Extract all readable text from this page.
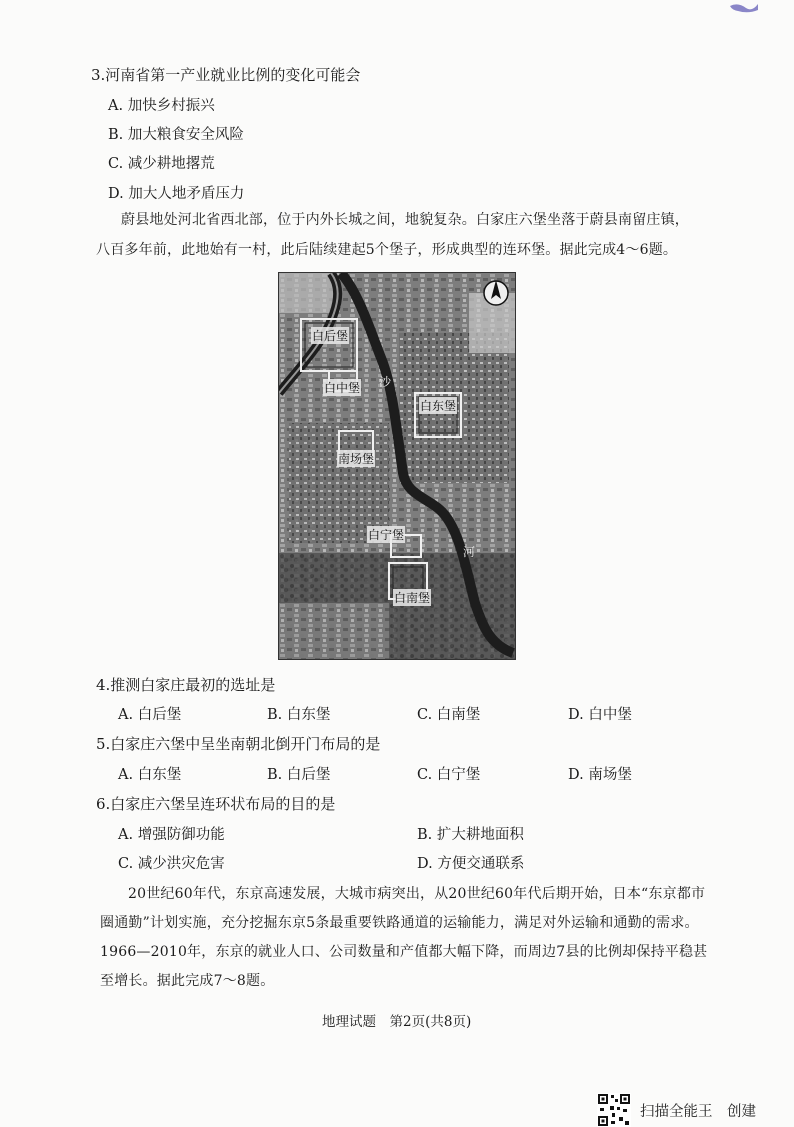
3.河南省第一产业就业比例的变化可能会
A. 加快乡村振兴
B. 加大粮食安全风险
C. 减少耕地撂荒
D. 加大人地矛盾压力
蔚县地处河北省西北部，位于内外长城之间，地貌复杂。白家庄六堡坐落于蔚县南留庄镇，
八百多年前，此地始有一村，此后陆续建起5个堡子，形成典型的连环堡。据此完成4～6题。
白后堡
白中堡
白东堡
南场堡
白宁堡
白南堡
沙
河
4.推测白家庄最初的选址是
A. 白后堡	B. 白东堡	C. 白南堡	D. 白中堡
5.白家庄六堡中呈坐南朝北倒开门布局的是
A. 白东堡	B. 白后堡	C. 白宁堡	D. 南场堡
6.白家庄六堡呈连环状布局的目的是
A. 增强防御功能	B. 扩大耕地面积
C. 减少洪灾危害	D. 方便交通联系
20世纪60年代，东京高速发展，大城市病突出，从20世纪60年代后期开始，日本“东京都市
圈通勤”计划实施，充分挖掘东京5条最重要铁路通道的运输能力，满足对外运输和通勤的需求。
1966—2010年，东京的就业人口、公司数量和产值都大幅下降，而周边7县的比例却保持平稳甚
至增长。据此完成7～8题。
地理试题　第2页(共8页)
扫描全能王　创建
